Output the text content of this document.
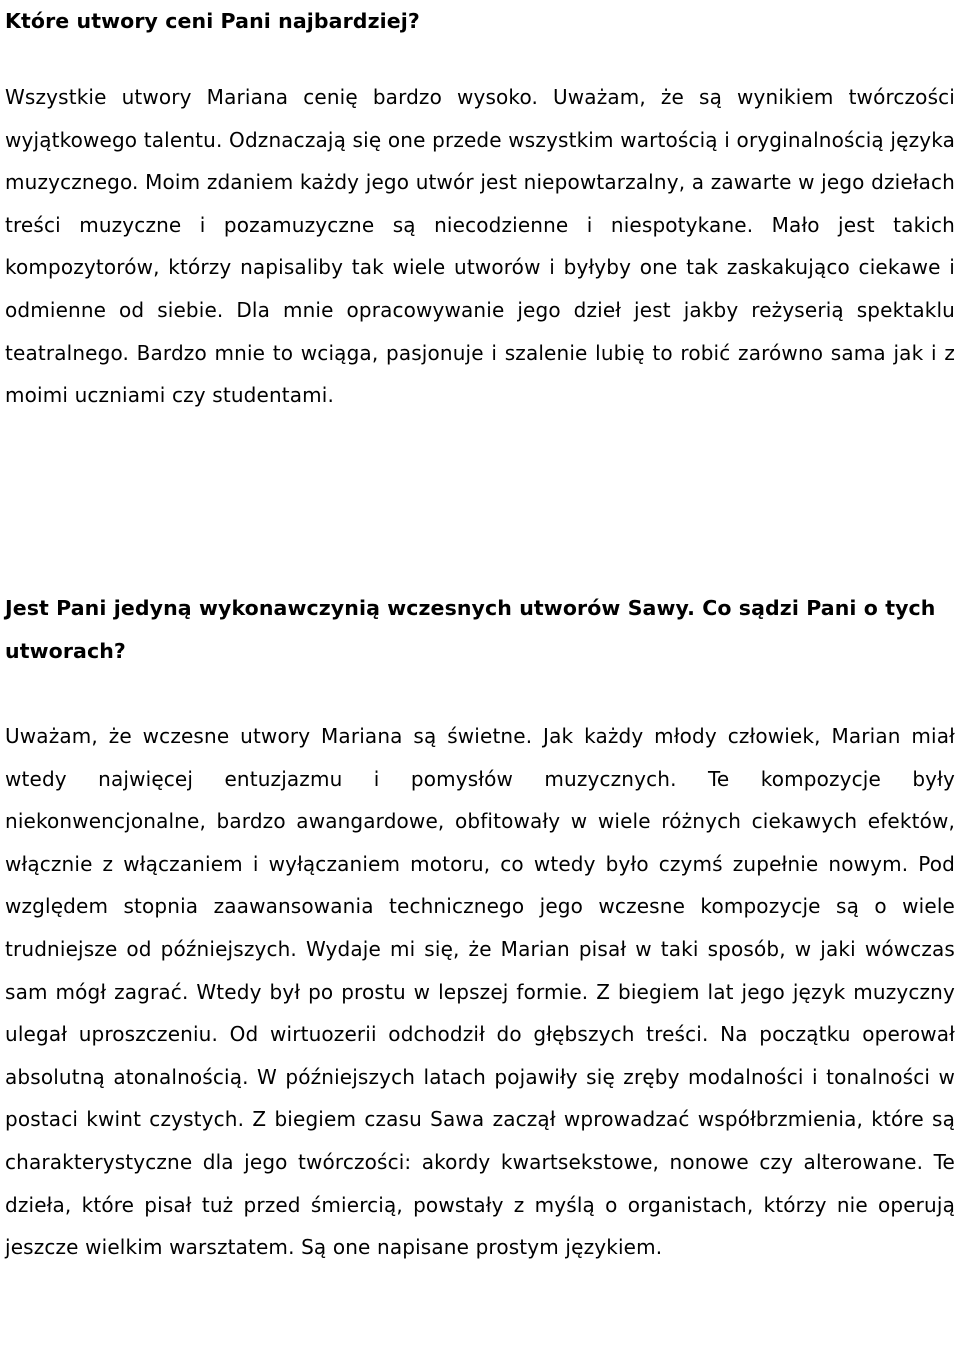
Które utwory ceni Pani najbardziej?

Wszystkie utwory Mariana cenię bardzo wysoko. Uważam, że są wynikiem twórczości wyjątkowego talentu. Odznaczają się one przede wszystkim wartością i oryginalnością języka muzycznego. Moim zdaniem każdy jego utwór jest niepowtarzalny, a zawarte w jego dziełach treści muzyczne i pozamuzyczne są niecodzienne i niespotykane. Mało jest takich kompozytorów, którzy napisaliby tak wiele utworów i byłyby one tak zaskakująco ciekawe i odmienne od siebie. Dla mnie opracowywanie jego dzieł jest jakby reżyserią spektaklu teatralnego. Bardzo mnie to wciąga, pasjonuje i szalenie lubię to robić zarówno sama jak i z moimi uczniami czy studentami.

Jest Pani jedyną wykonawczynią wczesnych utworów Sawy. Co sądzi Pani o tych utworach?

Uważam, że wczesne utwory Mariana są świetne. Jak każdy młody człowiek, Marian miał wtedy najwięcej entuzjazmu i pomysłów muzycznych. Te kompozycje były niekonwencjonalne, bardzo awangardowe, obfitowały w wiele różnych ciekawych efektów, włącznie z włączaniem i wyłączaniem motoru, co wtedy było czymś zupełnie nowym. Pod względem stopnia zaawansowania technicznego jego wczesne kompozycje są o wiele trudniejsze od późniejszych. Wydaje mi się, że Marian pisał w taki sposób, w jaki wówczas sam mógł zagrać. Wtedy był po prostu w lepszej formie. Z biegiem lat jego język muzyczny ulegał uproszczeniu. Od wirtuozerii odchodził do głębszych treści. Na początku operował absolutną atonalnością. W późniejszych latach pojawiły się zręby modalności i tonalności w postaci kwint czystych. Z biegiem czasu Sawa zaczął wprowadzać współbrzmienia, które są charakterystyczne dla jego twórczości: akordy kwartsekstowe, nonowe czy alterowane. Te dzieła, które pisał tuż przed śmiercią, powstały z myślą o organistach, którzy nie operują jeszcze wielkim warsztatem. Są one napisane prostym językiem.
